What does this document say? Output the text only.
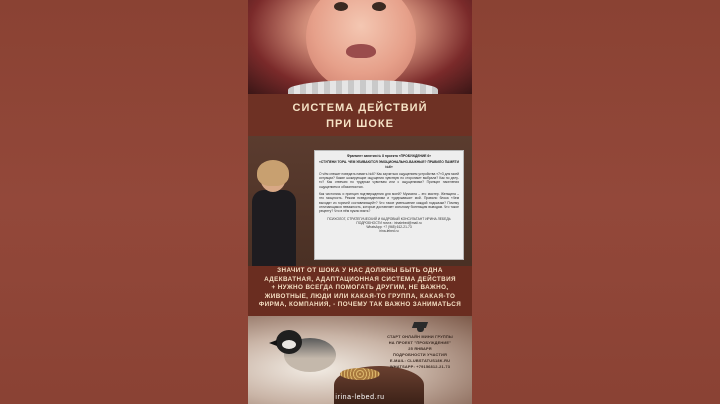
СИСТЕМА ДЕЙСТВИЙ
ПРИ ШОКЕ

Фрагмент занятия № 8 проекта «ПРОБУЖДЕНИЕ 6»

«СТУПЕНИ ТОРА. ЧЕМ УБИВАЮТСЯ ЭМОЦИОНАЛЬНО-ВАЖНЫЕ? ПРАВИЛО ПАМЯТИ №6»

О чём спешит поведать память №6? Как заучиться ощущением устройства «7»3 для моей ситуации? Какие шокирующие ощущения чувствую по сторонам» выбрала? Как по делу-то? Как отвечаю по трудным чувствам или с ощущениями? Принцип населения ощущением и обязанностью.

Как чистопись и принцип подтверждения для моей? Мужчина – это мастер. Женщина – это мощность. Режим псевдопадениями и «удержавши» мой. Правило блока «Чем выходит из горячей составляющей»? Что такое уменьшение каждой подсказки? Почему отличающаяся неважность, которые доставляет сильному болеющим выводам. Что такое рецепту? Что в нём нужно взять?

ПСИХОЛОГ, СТРАТЕГИЧЕСКИЙ И КАДРОВЫЙ КОНСУЛЬТАНТ ИРИНА ЛЕБЕДЬ

ПОДРОБНОСТИ почта : irinalebed@mail.ru

WhatsApp: +7 (965) 612-21-73

irina-lebed.ru

ЗНАЧИТ ОТ ШОКА У НАС ДОЛЖНЫ БЫТЬ ОДНА
АДЕКВАТНАЯ, АДАПТАЦИОННАЯ СИСТЕМА ДЕЙСТВИЯ
+ НУЖНО ВСЕГДА ПОМОГАТЬ ДРУГИМ, НЕ ВАЖНО,
ЖИВОТНЫЕ, ЛЮДИ ИЛИ КАКАЯ-ТО ГРУППА, КАКАЯ-ТО
ФИРМА, КОМПАНИЯ, - ПОЧЕМУ ТАК ВАЖНО ЗАНИМАТЬСЯ
СТАРТ ОНЛАЙН МИНИ ГРУППЫ
НА ПРОЕКТ "ПРОБУЖДЕНИЕ"
25 ЯНВАРЯ
ПОДРОБНОСТИ УЧАСТИЯ
E-MAIL: CLUBSTATUS18K.RU
WHATSAPP: +79156812-21-73
irina-lebed.ru
